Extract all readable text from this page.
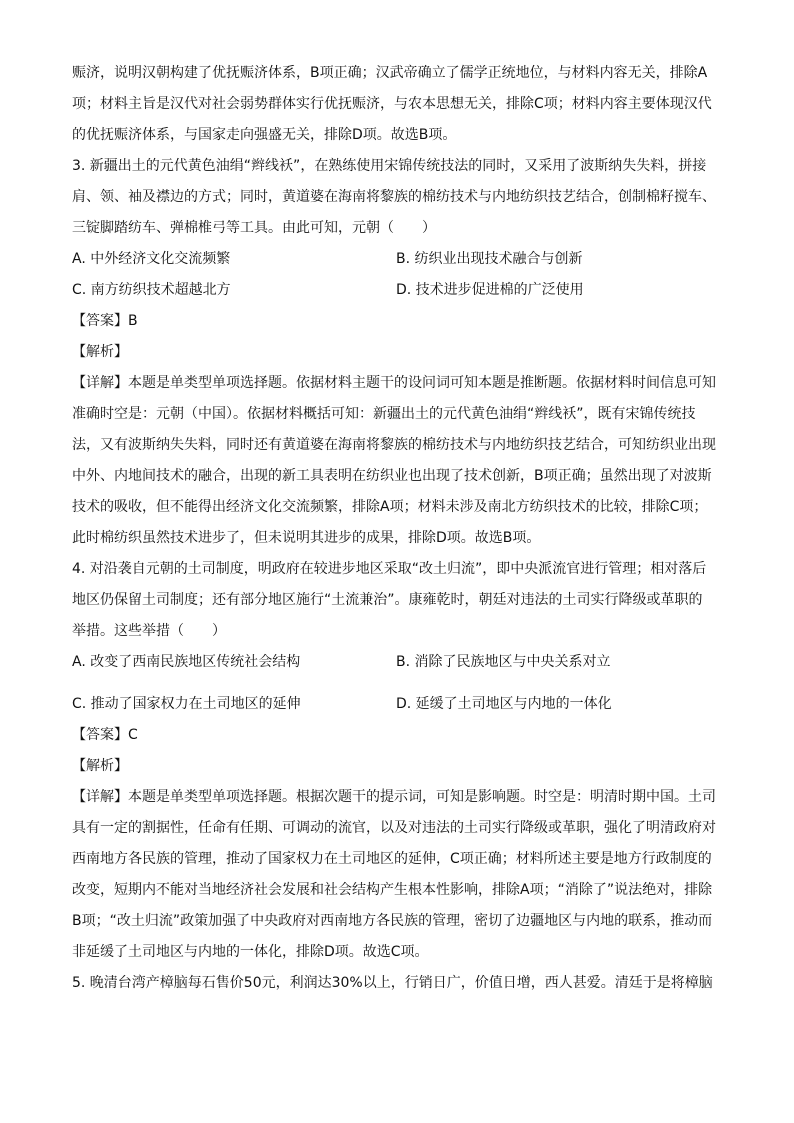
赈济，说明汉朝构建了优抚赈济体系，B项正确；汉武帝确立了儒学正统地位，与材料内容无关，排除A

项；材料主旨是汉代对社会弱势群体实行优抚赈济，与农本思想无关，排除C项；材料内容主要体现汉代

的优抚赈济体系，与国家走向强盛无关，排除D项。故选B项。

3. 新疆出土的元代黄色油绢“辫线袄”，在熟练使用宋锦传统技法的同时，又采用了波斯纳失失料，拼接

肩、领、袖及襟边的方式；同时，黄道婆在海南将黎族的棉纺技术与内地纺织技艺结合，创制棉籽搅车、

三锭脚踏纺车、弹棉椎弓等工具。由此可知，元朝（　　）

A. 中外经济文化交流频繁	B. 纺织业出现技术融合与创新
C. 南方纺织技术超越北方	D. 技术进步促进棉的广泛使用

【答案】B

【解析】

【详解】本题是单类型单项选择题。依据材料主题干的设问词可知本题是推断题。依据材料时间信息可知

准确时空是：元朝（中国）。依据材料概括可知：新疆出土的元代黄色油绢“辫线袄”，既有宋锦传统技

法，又有波斯纳失失料，同时还有黄道婆在海南将黎族的棉纺技术与内地纺织技艺结合，可知纺织业出现

中外、内地间技术的融合，出现的新工具表明在纺织业也出现了技术创新，B项正确；虽然出现了对波斯

技术的吸收，但不能得出经济文化交流频繁，排除A项；材料未涉及南北方纺织技术的比较，排除C项；

此时棉纺织虽然技术进步了，但未说明其进步的成果，排除D项。故选B项。

4. 对沿袭自元朝的土司制度，明政府在较进步地区采取“改土归流”，即中央派流官进行管理；相对落后

地区仍保留土司制度；还有部分地区施行“土流兼治”。康雍乾时，朝廷对违法的土司实行降级或革职的

举措。这些举措（　　）

A. 改变了西南民族地区传统社会结构	B. 消除了民族地区与中央关系对立
C. 推动了国家权力在土司地区的延伸	D. 延缓了土司地区与内地的一体化

【答案】C

【解析】

【详解】本题是单类型单项选择题。根据次题干的提示词，可知是影响题。时空是：明清时期中国。土司

具有一定的割据性，任命有任期、可调动的流官，以及对违法的土司实行降级或革职，强化了明清政府对

西南地方各民族的管理，推动了国家权力在土司地区的延伸，C项正确；材料所述主要是地方行政制度的

改变，短期内不能对当地经济社会发展和社会结构产生根本性影响，排除A项；“消除了”说法绝对，排除

B项；“改土归流”政策加强了中央政府对西南地方各民族的管理，密切了边疆地区与内地的联系，推动而

非延缓了土司地区与内地的一体化，排除D项。故选C项。

5. 晚清台湾产樟脑每石售价50元，利润达30%以上，行销日广，价值日增，西人甚爱。清廷于是将樟脑
